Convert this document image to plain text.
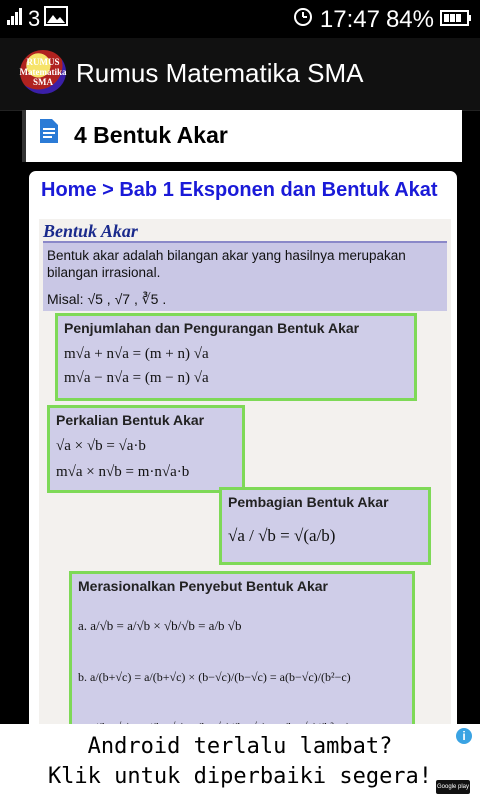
3	17:47 84%
RUMUS
Matematika
SMA Rumus Matematika SMA
4 Bentuk Akar
Home > Bab 1 Eksponen dan Bentuk Akat
Bentuk Akar
Bentuk akar adalah bilangan akar yang hasilnya merupakan bilangan irrasional.
Misal: √5 , √7 , ∛5 .
Penjumlahan dan Pengurangan Bentuk Akar
m√a + n√a = (m + n) √a
m√a − n√a = (m − n) √a
Perkalian Bentuk Akar
√a × √b = √a·b
m√a × n√b = m·n√a·b
Pembagian Bentuk Akar
√a / √b = √(a/b)
Merasionalkan Penyebut Bentuk Akar
a. a/√b = a/√b × √b/√b = a/b √b
b. a/(b+√c) = a/(b+√c) × (b−√c)/(b−√c) = a(b−√c)/(b²−c)
Android terlalu lambat?
Klik untuk diperbaiki segera!
i
Google play
